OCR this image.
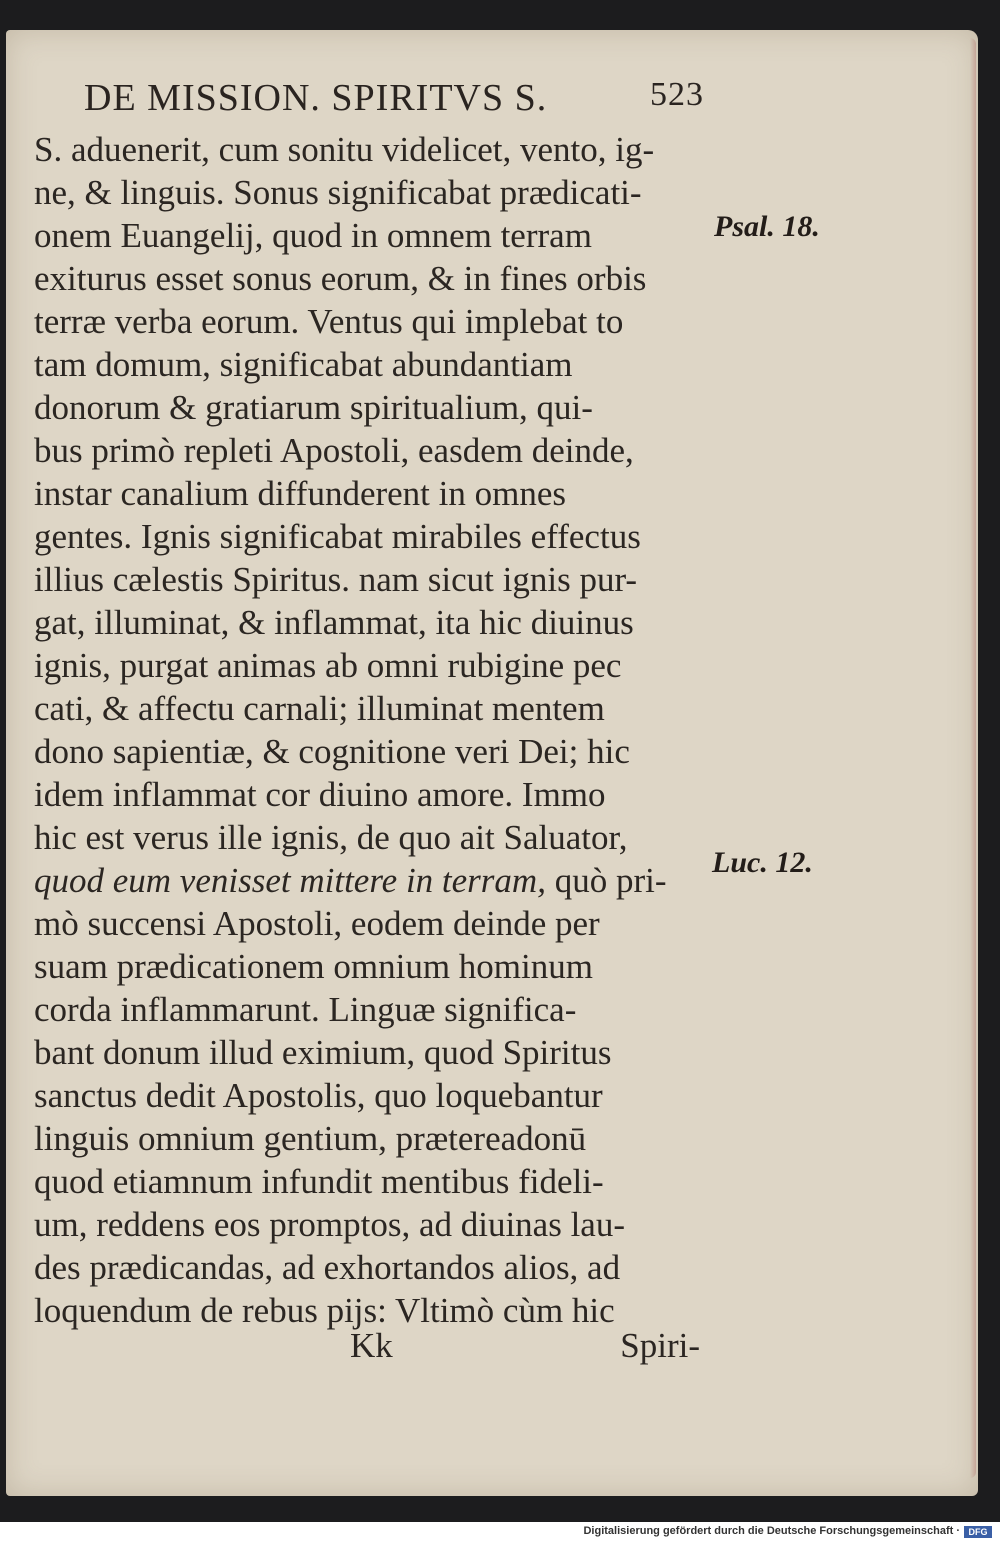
DE MISSION. SPIRITVS S.	523
S. aduenerit, cum sonitu videlicet, vento, ig-
ne, & linguis. Sonus significabat prædicati-
onem Euangelij, quod in omnem terram
exiturus esset sonus eorum, & in fines orbis
terræ verba eorum. Ventus qui implebat to
tam domum, significabat abundantiam
donorum & gratiarum spiritualium, qui-
bus primò repleti Apostoli, easdem deinde,
instar canalium diffunderent in omnes
gentes. Ignis significabat mirabiles effectus
illius cælestis Spiritus. nam sicut ignis pur-
gat, illuminat, & inflammat, ita hic diuinus
ignis, purgat animas ab omni rubigine pec
cati, & affectu carnali; illuminat mentem
dono sapientiæ, & cognitione veri Dei; hic
idem inflammat cor diuino amore. Immo
hic est verus ille ignis, de quo ait Saluator,
quod eum venisset mittere in terram, quò pri-
mò succensi Apostoli, eodem deinde per
suam prædicationem omnium hominum
corda inflammarunt. Linguæ significa-
bant donum illud eximium, quod Spiritus
sanctus dedit Apostolis, quo loquebantur
linguis omnium gentium, prætereadonū
quod etiamnum infundit mentibus fideli-
um, reddens eos promptos, ad diuinas lau-
des prædicandas, ad exhortandos alios, ad
loquendum de rebus pijs: Vltimò cùm hic
Psal. 18.
Luc. 12.
Kk	Spiri-
Digitalisierung gefördert durch die Deutsche Forschungsgemeinschaft · DFG
